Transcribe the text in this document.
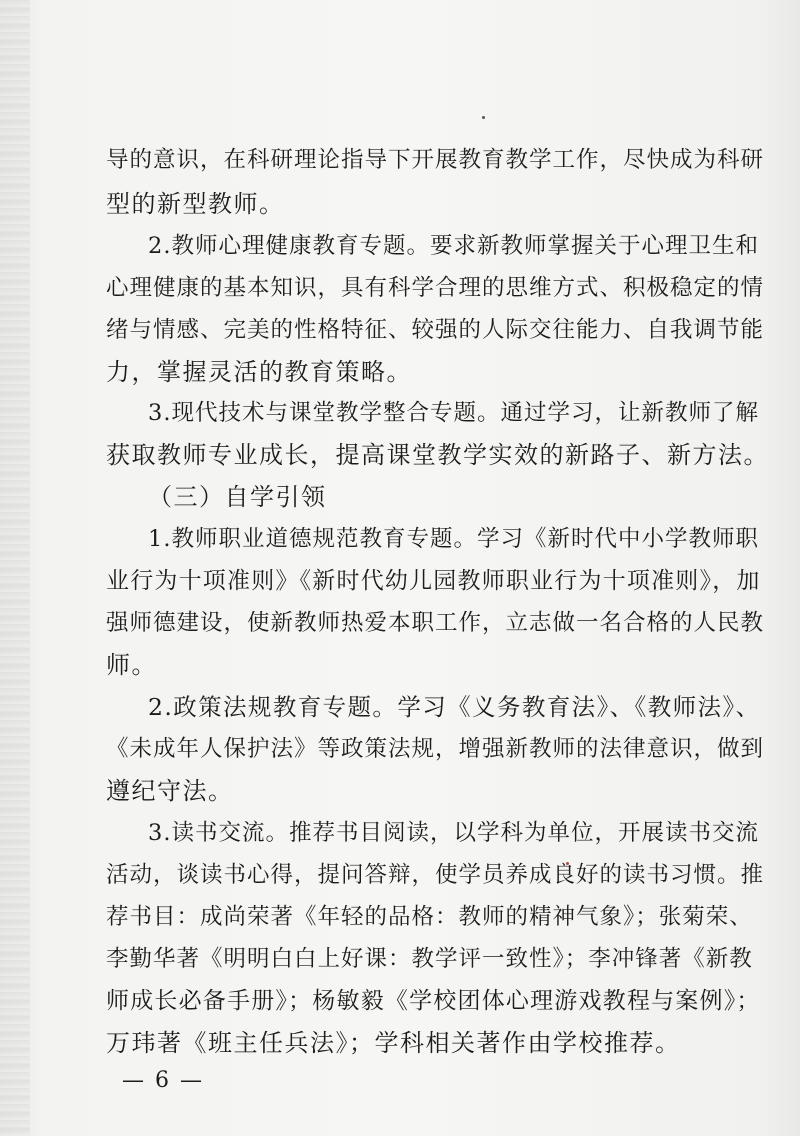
导的意识，在科研理论指导下开展教育教学工作，尽快成为科研
型的新型教师。
2.教师心理健康教育专题。要求新教师掌握关于心理卫生和
心理健康的基本知识，具有科学合理的思维方式、积极稳定的情
绪与情感、完美的性格特征、较强的人际交往能力、自我调节能
力，掌握灵活的教育策略。
3.现代技术与课堂教学整合专题。通过学习，让新教师了解
获取教师专业成长，提高课堂教学实效的新路子、新方法。
（三）自学引领
1.教师职业道德规范教育专题。学习《新时代中小学教师职
业行为十项准则》《新时代幼儿园教师职业行为十项准则》，加
强师德建设，使新教师热爱本职工作，立志做一名合格的人民教
师。
2.政策法规教育专题。学习《义务教育法》、《教师法》、
《未成年人保护法》等政策法规，增强新教师的法律意识，做到
遵纪守法。
3.读书交流。推荐书目阅读，以学科为单位，开展读书交流
活动，谈读书心得，提问答辩，使学员养成良好的读书习惯。推
荐书目：成尚荣著《年轻的品格：教师的精神气象》；张菊荣、
李勤华著《明明白白上好课：教学评一致性》；李冲锋著《新教
师成长必备手册》；杨敏毅《学校团体心理游戏教程与案例》；
万玮著《班主任兵法》；学科相关著作由学校推荐。
— 6 —
